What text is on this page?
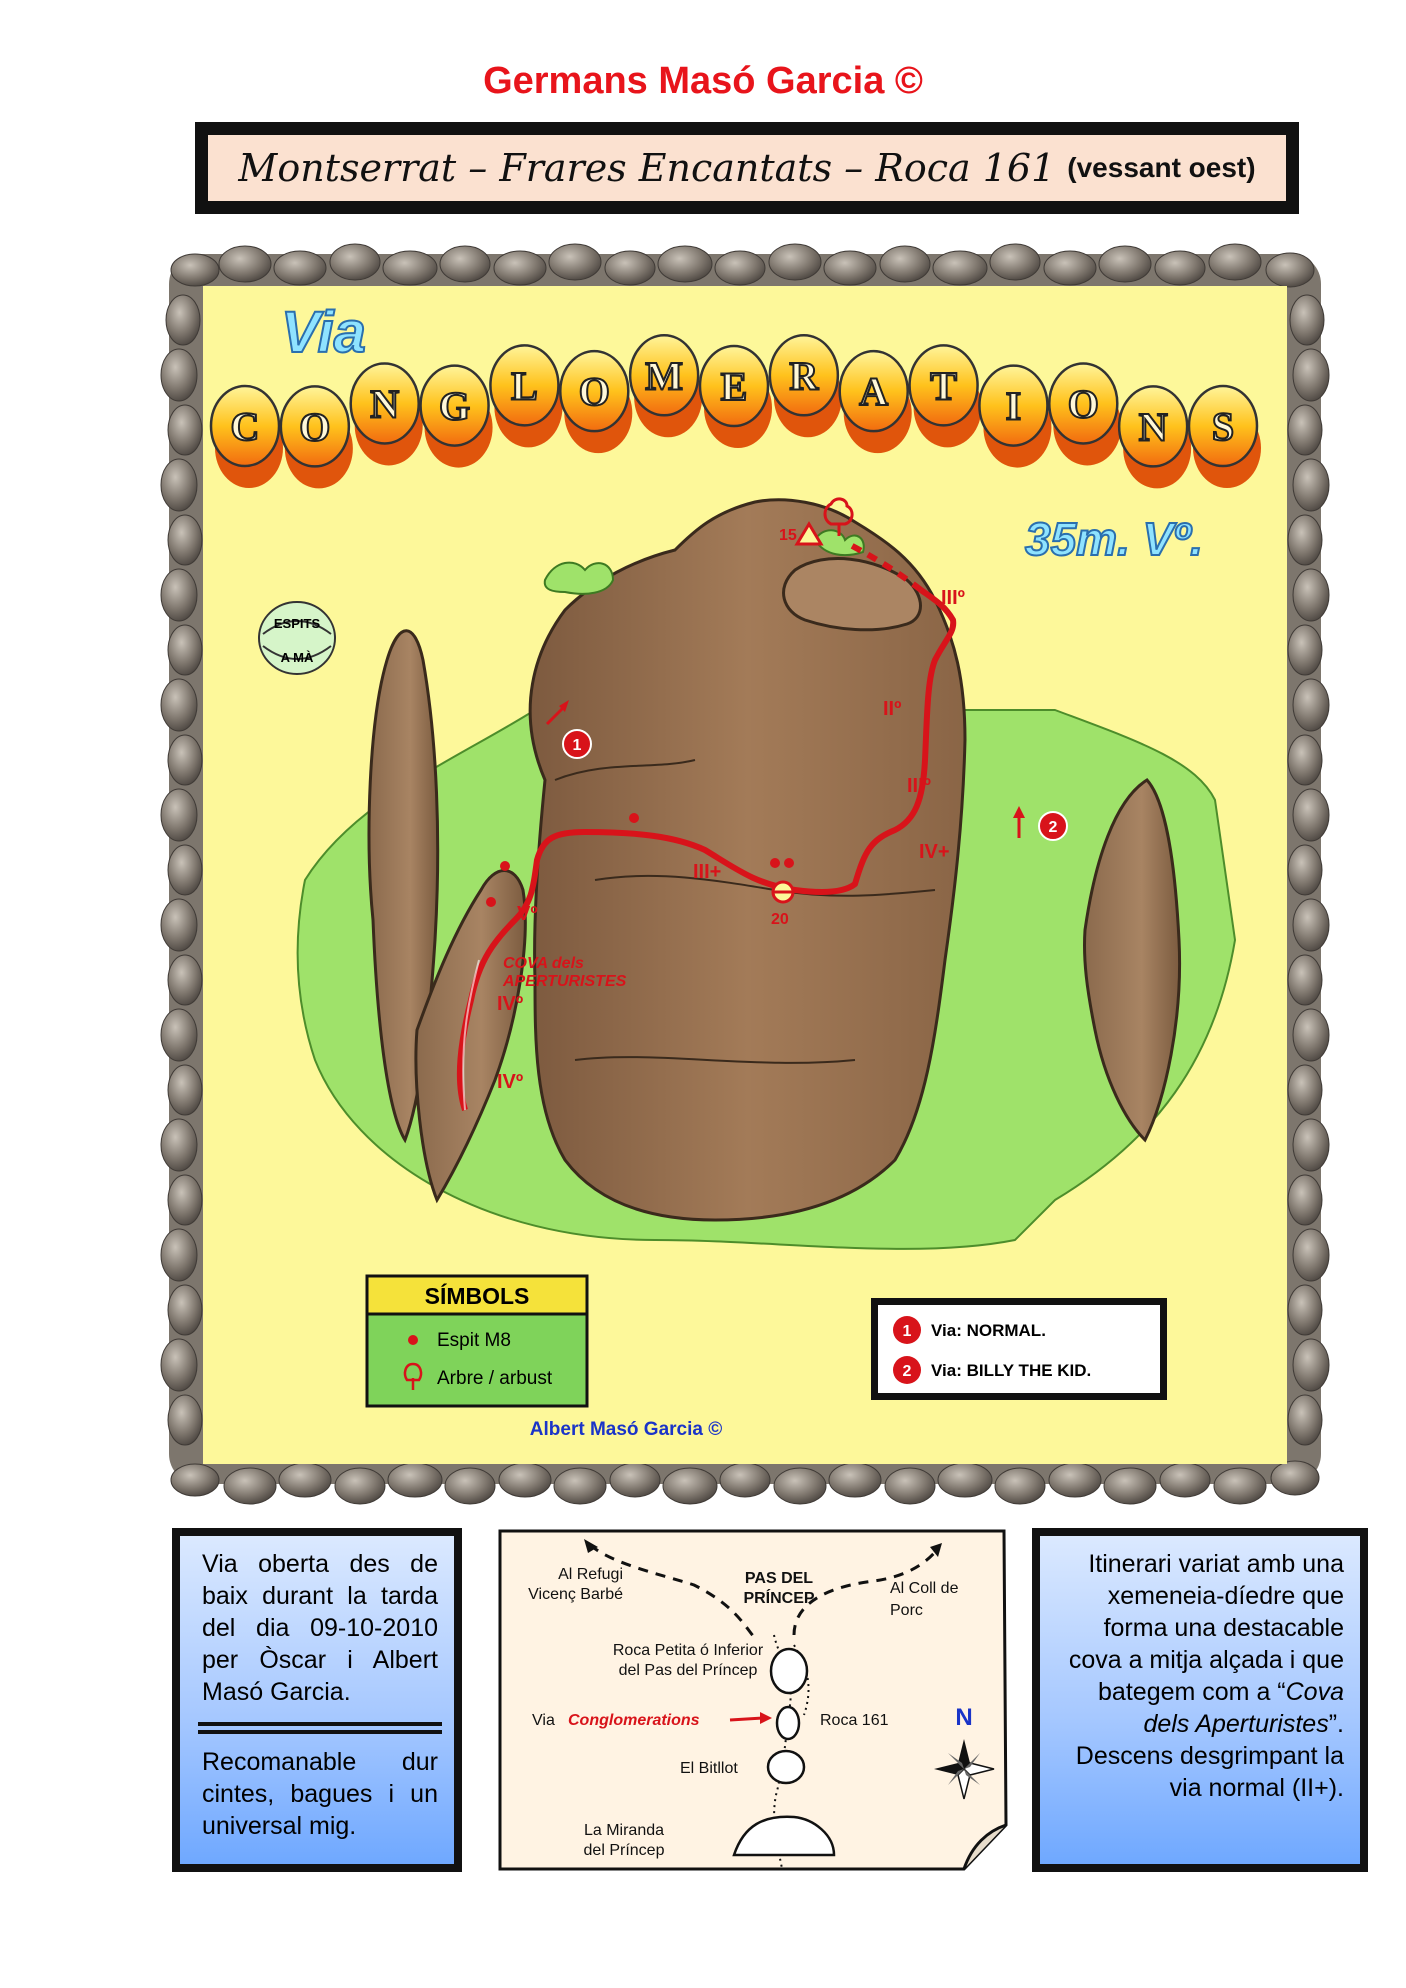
Germans Masó Garcia ©
Montserrat – Frares Encantats – Roca 161 (vessant oest)
Via
C O
N G L O M E R A T I O
N S
35m. Vº.
ESPITS
A MÀ
15
20
IIIº
IIº
IIIº
IV+
III+
Vº
IVº
IVº
COVA dels
APERTURISTES
1
2
SÍMBOLS
Espit M8
Arbre / arbust
1 Via: NORMAL.
2 Via: BILLY THE KID.
Albert Masó Garcia ©
Via oberta des de baix durant la tarda del dia 09-10-2010 per Òscar i Albert Masó Garcia.
Recomanable dur cintes, bagues i un universal mig.
Al Refugi
Vicenç Barbé
PAS DEL
PRÍNCEP
Al Coll de
Porc
Roca Petita ó Inferior
del Pas del Príncep
Via Conglomerations	Roca 161
El Bitllot
La Miranda
del Príncep
N
Itinerari variat amb una xemeneia-díedre que forma una destacable cova a mitja alçada i que bategem com a “Cova dels Aperturistes”. Descens desgrimpant la via normal (II+).
